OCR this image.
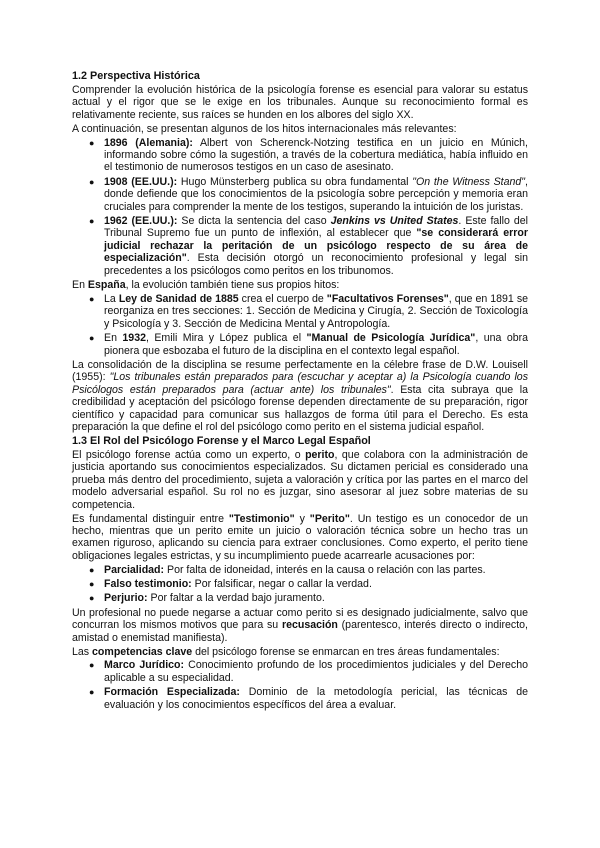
1.2 Perspectiva Histórica

Comprender la evolución histórica de la psicología forense es esencial para valorar su estatus actual y el rigor que se le exige en los tribunales. Aunque su reconocimiento formal es relativamente reciente, sus raíces se hunden en los albores del siglo XX.

A continuación, se presentan algunos de los hitos internacionales más relevantes:

● 1896 (Alemania): Albert von Scherenck-Notzing testifica en un juicio en Múnich, informando sobre cómo la sugestión, a través de la cobertura mediática, había influido en el testimonio de numerosos testigos en un caso de asesinato.
● 1908 (EE.UU.): Hugo Münsterberg publica su obra fundamental "On the Witness Stand", donde defiende que los conocimientos de la psicología sobre percepción y memoria eran cruciales para comprender la mente de los testigos, superando la intuición de los juristas.
● 1962 (EE.UU.): Se dicta la sentencia del caso Jenkins vs United States. Este fallo del Tribunal Supremo fue un punto de inflexión, al establecer que "se considerará error judicial rechazar la peritación de un psicólogo respecto de su área de especialización". Esta decisión otorgó un reconocimiento profesional y legal sin precedentes a los psicólogos como peritos en los tribunomos.

En España, la evolución también tiene sus propios hitos:

● La Ley de Sanidad de 1885 crea el cuerpo de "Facultativos Forenses", que en 1891 se reorganiza en tres secciones: 1. Sección de Medicina y Cirugía, 2. Sección de Toxicología y Psicología y 3. Sección de Medicina Mental y Antropología.
● En 1932, Emili Mira y López publica el "Manual de Psicología Jurídica", una obra pionera que esbozaba el futuro de la disciplina en el contexto legal español.

La consolidación de la disciplina se resume perfectamente en la célebre frase de D.W. Louisell (1955): "Los tribunales están preparados para (escuchar y aceptar a) la Psicología cuando los Psicólogos están preparados para (actuar ante) los tribunales". Esta cita subraya que la credibilidad y aceptación del psicólogo forense dependen directamente de su preparación, rigor científico y capacidad para comunicar sus hallazgos de forma útil para el Derecho. Es esta preparación la que define el rol del psicólogo como perito en el sistema judicial español.

1.3 El Rol del Psicólogo Forense y el Marco Legal Español

El psicólogo forense actúa como un experto, o perito, que colabora con la administración de justicia aportando sus conocimientos especializados. Su dictamen pericial es considerado una prueba más dentro del procedimiento, sujeta a valoración y crítica por las partes en el marco del modelo adversarial español. Su rol no es juzgar, sino asesorar al juez sobre materias de su competencia.

Es fundamental distinguir entre "Testimonio" y "Perito". Un testigo es un conocedor de un hecho, mientras que un perito emite un juicio o valoración técnica sobre un hecho tras un examen riguroso, aplicando su ciencia para extraer conclusiones. Como experto, el perito tiene obligaciones legales estrictas, y su incumplimiento puede acarrearle acusaciones por:

● Parcialidad: Por falta de idoneidad, interés en la causa o relación con las partes.
● Falso testimonio: Por falsificar, negar o callar la verdad.
● Perjurio: Por faltar a la verdad bajo juramento.

Un profesional no puede negarse a actuar como perito si es designado judicialmente, salvo que concurran los mismos motivos que para su recusación (parentesco, interés directo o indirecto, amistad o enemistad manifiesta).

Las competencias clave del psicólogo forense se enmarcan en tres áreas fundamentales:

● Marco Jurídico: Conocimiento profundo de los procedimientos judiciales y del Derecho aplicable a su especialidad.
● Formación Especializada: Dominio de la metodología pericial, las técnicas de evaluación y los conocimientos específicos del área a evaluar.
